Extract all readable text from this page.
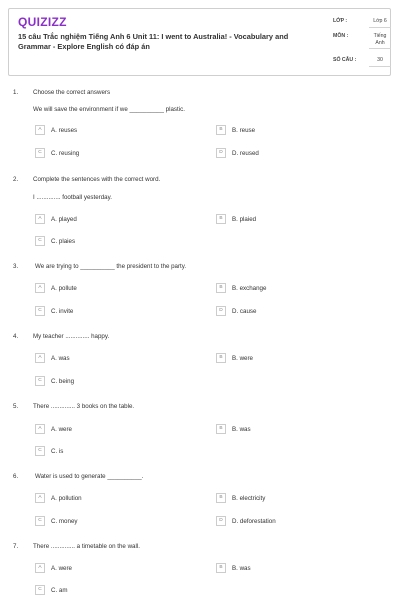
QUIZIZZ
15 câu Trắc nghiệm Tiếng Anh 6 Unit 11: I went to Australia! - Vocabulary and Grammar - Explore English có đáp án
LỚP :	Lớp 6
MÔN :	Tiếng Anh
SỐ CÂU :	30
1. Choose the correct answers
We will save the environment if we __________ plastic.
A	A. reuses	B	B. reuse
C	C. reusing	D	D. reused
2. Complete the sentences with the correct word.
I .............. football yesterday.
A	A. played	B	B. plaied
C	C. plaies
3.	We are trying to __________ the president to the party.
A	A. pollute	B	B. exchange
C	C. invite	D	D. cause
4. My teacher .............. happy.
A	A. was	B	B. were
C	C. being
5. There .............. 3 books on the table.
A	A. were	B	B. was
C	C. is
6.	Water is used to generate __________.
A	A. pollution	B	B. electricity
C	C. money	D	D. deforestation
7. There .............. a timetable on the wall.
A	A. were	B	B. was
C	C. am
